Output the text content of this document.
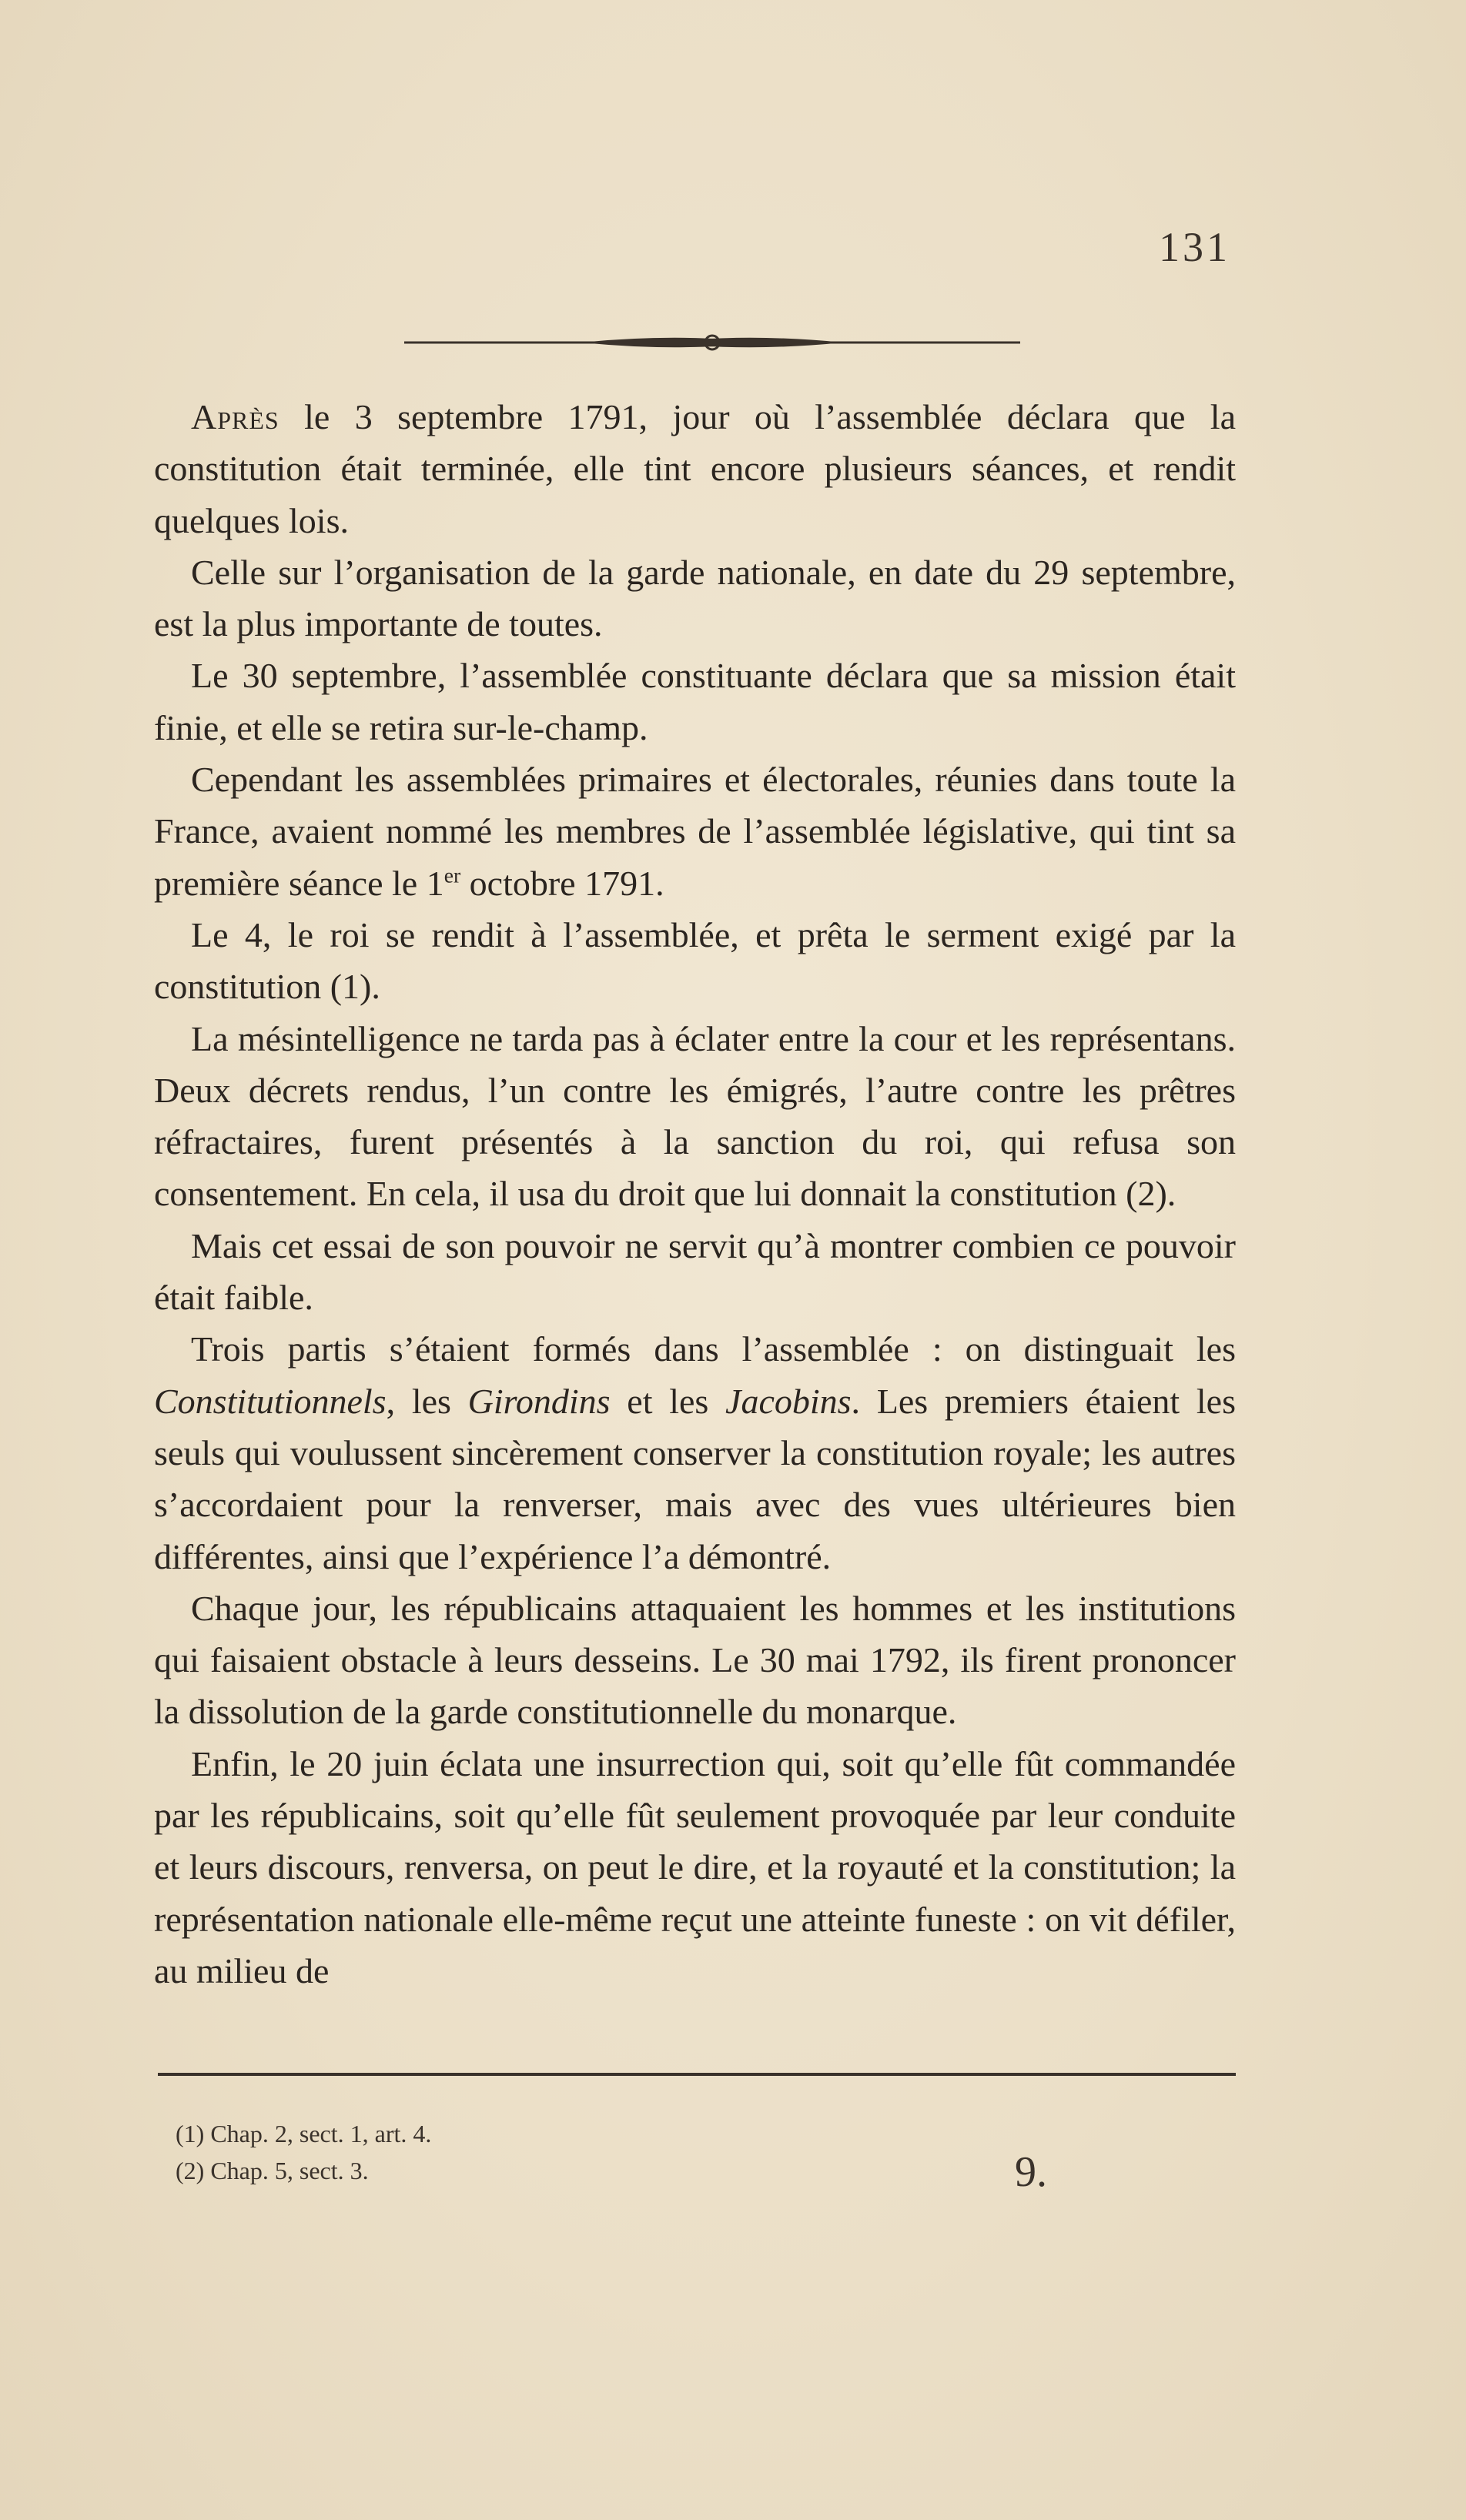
131

Après le 3 septembre 1791, jour où l’assemblée déclara que la constitution était terminée, elle tint encore plusieurs séances, et rendit quelques lois.

Celle sur l’organisation de la garde nationale, en date du 29 septembre, est la plus importante de toutes.

Le 30 septembre, l’assemblée constituante déclara que sa mission était finie, et elle se retira sur-le-champ.

Cependant les assemblées primaires et électorales, réunies dans toute la France, avaient nommé les membres de l’assemblée législative, qui tint sa première séance le 1er octobre 1791.

Le 4, le roi se rendit à l’assemblée, et prêta le serment exigé par la constitution (1).

La mésintelligence ne tarda pas à éclater entre la cour et les représentans. Deux décrets rendus, l’un contre les émigrés, l’autre contre les prêtres réfractaires, furent présentés à la sanction du roi, qui refusa son consentement. En cela, il usa du droit que lui donnait la constitution (2).

Mais cet essai de son pouvoir ne servit qu’à montrer combien ce pouvoir était faible.

Trois partis s’étaient formés dans l’assemblée : on distinguait les Constitutionnels, les Girondins et les Jacobins. Les premiers étaient les seuls qui voulussent sincèrement conserver la constitution royale; les autres s’accordaient pour la renverser, mais avec des vues ultérieures bien différentes, ainsi que l’expérience l’a démontré.

Chaque jour, les républicains attaquaient les hommes et les institutions qui faisaient obstacle à leurs desseins. Le 30 mai 1792, ils firent prononcer la dissolution de la garde constitutionnelle du monarque.

Enfin, le 20 juin éclata une insurrection qui, soit qu’elle fût commandée par les républicains, soit qu’elle fût seulement provoquée par leur conduite et leurs discours, renversa, on peut le dire, et la royauté et la constitution; la représentation nationale elle-même reçut une atteinte funeste : on vit défiler, au milieu de

(1) Chap. 2, sect. 1, art. 4.
(2) Chap. 5, sect. 3.	9.
